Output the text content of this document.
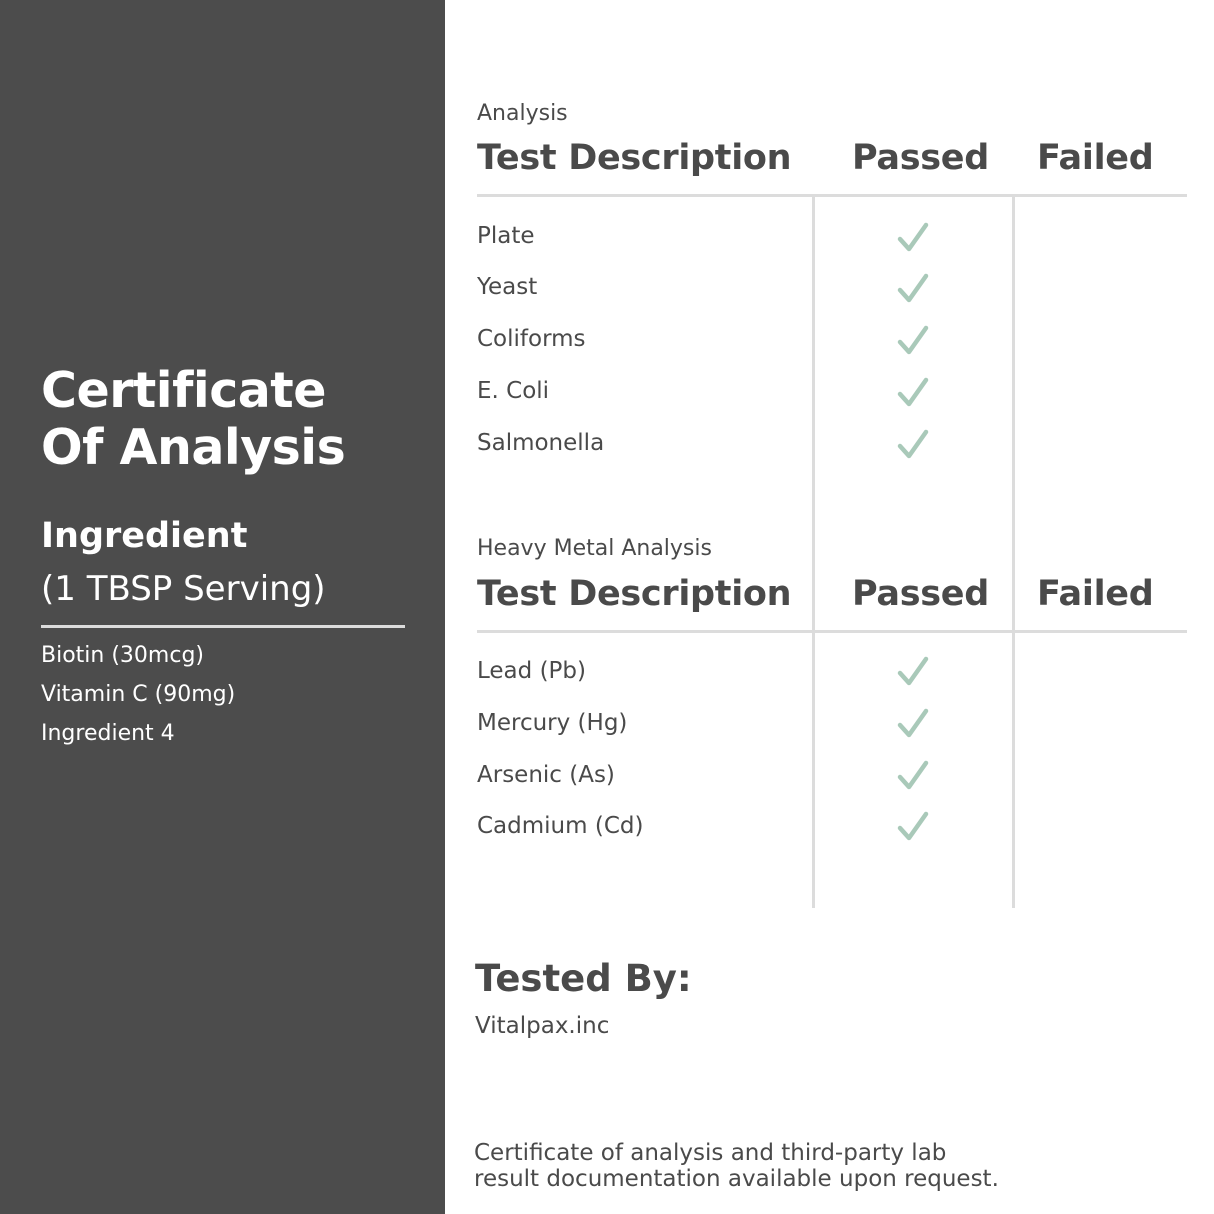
Certificate
Of Analysis
Ingredient
(1 TBSP Serving)
Biotin (30mcg)
Vitamin C (90mg)
Ingredient 4
Analysis
Test Description Passed Failed
Plate
Yeast
Coliforms
E. Coli
Salmonella
Heavy Metal Analysis
Test Description Passed Failed
Lead (Pb)
Mercury (Hg)
Arsenic (As)
Cadmium (Cd)
Tested By:
Vitalpax.inc
Certificate of analysis and third-party lab
result documentation available upon request.
